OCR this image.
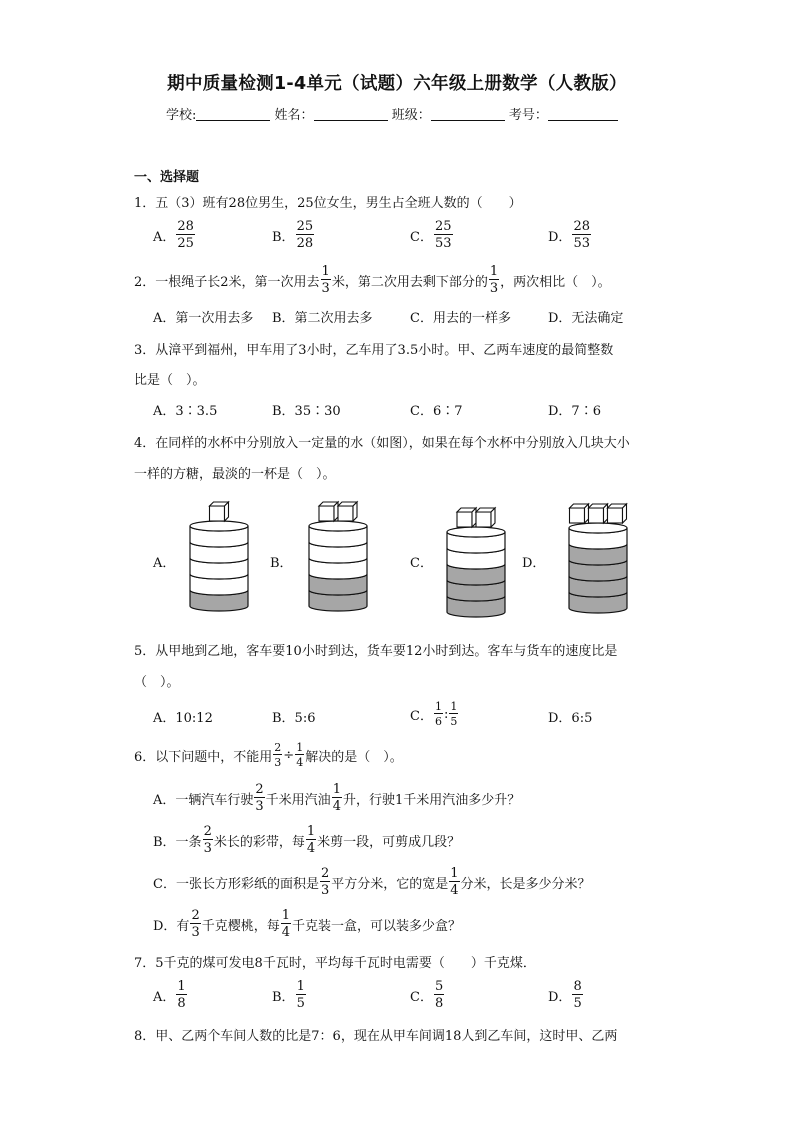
期中质量检测1-4单元（试题）六年级上册数学（人教版）
学校:	姓名：	班级：	考号：
一、选择题
1．五（3）班有28位男生，25位女生，男生占全班人数的（　　）
A． $\frac{28}{25}$	B． $\frac{25}{28}$	C． $\frac{25}{53}$	D． $\frac{28}{53}$
2．一根绳子长2米，第一次用去 $\frac{1}{3}$ 米，第二次用去剩下部分的 $\frac{1}{3}$ ，两次相比（　）。
A．第一次用去多 B．第二次用去多	C．用去的一样多	D．无法确定
3．从漳平到福州，甲车用了3小时，乙车用了3.5小时。甲、乙两车速度的最简整数
比是（　）。
A．3∶3.5	B．35∶30	C．6∶7	D．7∶6
4．在同样的水杯中分别放入一定量的水（如图），如果在每个水杯中分别放入几块大小
一样的方糖，最淡的一杯是（　）。
A．	B．	C．	D．
5．从甲地到乙地，客车要10小时到达，货车要12小时到达。客车与货车的速度比是
（　）。
A．10:12	B．5:6	C． $\frac{1}{6}$ : $\frac{1}{5}$	D．6:5
6．以下问题中，不能用 $\frac{2}{3} \div \frac{1}{4}$ 解决的是（　）。
A．一辆汽车行驶 $\frac{2}{3}$ 千米用汽油 $\frac{1}{4}$ 升，行驶1千米用汽油多少升？
B．一条 $\frac{2}{3}$ 米长的彩带，每 $\frac{1}{4}$ 米剪一段，可剪成几段？
C．一张长方形彩纸的面积是 $\frac{2}{3}$ 平方分米，它的宽是 $\frac{1}{4}$ 分米，长是多少分米？
D．有 $\frac{2}{3}$ 千克樱桃，每 $\frac{1}{4}$ 千克装一盒，可以装多少盒？
7．5千克的煤可发电8千瓦时，平均每千瓦时电需要（　　）千克煤．
A． $\frac{1}{8}$	B． $\frac{1}{5}$	C． $\frac{5}{8}$	D． $\frac{8}{5}$
8．甲、乙两个车间人数的比是7：6，现在从甲车间调18人到乙车间，这时甲、乙两
